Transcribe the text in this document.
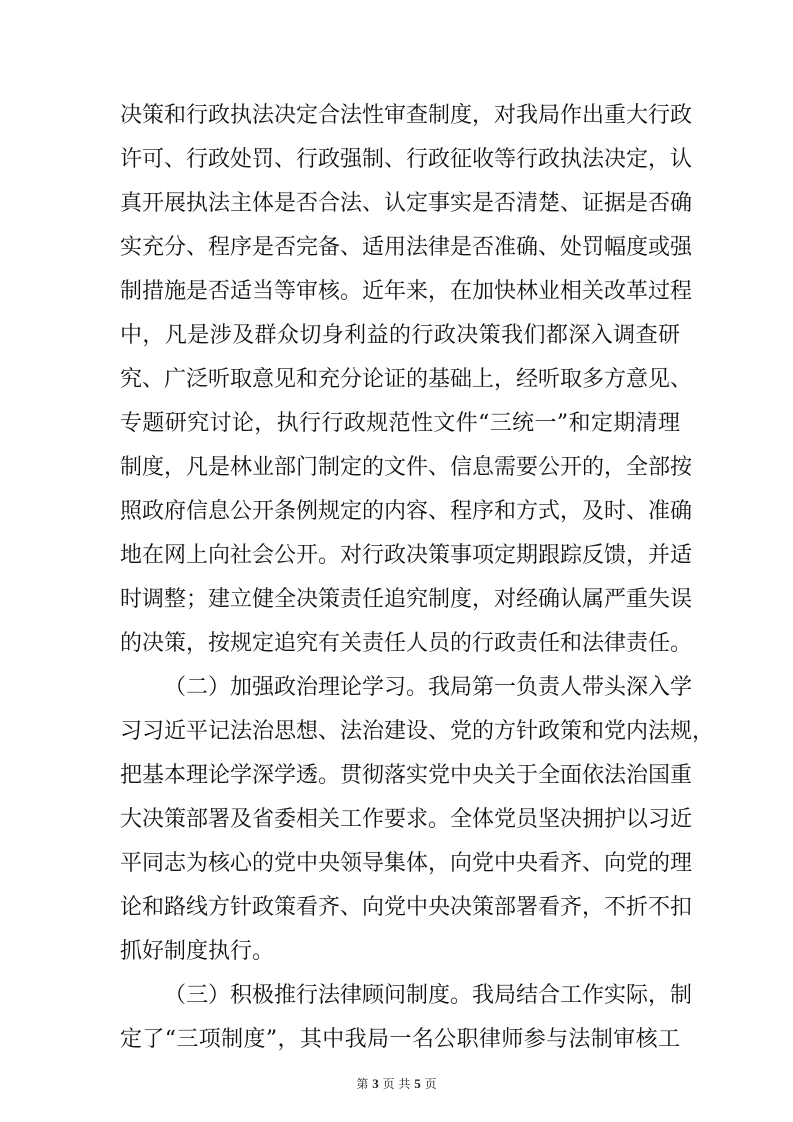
决策和行政执法决定合法性审查制度，对我局作出重大行政
许可、行政处罚、行政强制、行政征收等行政执法决定，认
真开展执法主体是否合法、认定事实是否清楚、证据是否确
实充分、程序是否完备、适用法律是否准确、处罚幅度或强
制措施是否适当等审核。近年来，在加快林业相关改革过程
中，凡是涉及群众切身利益的行政决策我们都深入调查研
究、广泛听取意见和充分论证的基础上，经听取多方意见、
专题研究讨论，执行行政规范性文件“三统一”和定期清理
制度，凡是林业部门制定的文件、信息需要公开的，全部按
照政府信息公开条例规定的内容、程序和方式，及时、准确
地在网上向社会公开。对行政决策事项定期跟踪反馈，并适
时调整；建立健全决策责任追究制度，对经确认属严重失误
的决策，按规定追究有关责任人员的行政责任和法律责任。
（二）加强政治理论学习。我局第一负责人带头深入学
习习近平记法治思想、法治建设、党的方针政策和党内法规，
把基本理论学深学透。贯彻落实党中央关于全面依法治国重
大决策部署及省委相关工作要求。全体党员坚决拥护以习近
平同志为核心的党中央领导集体，向党中央看齐、向党的理
论和路线方针政策看齐、向党中央决策部署看齐，不折不扣
抓好制度执行。
（三）积极推行法律顾问制度。我局结合工作实际，制
定了“三项制度”，其中我局一名公职律师参与法制审核工
第 3 页 共 5 页
